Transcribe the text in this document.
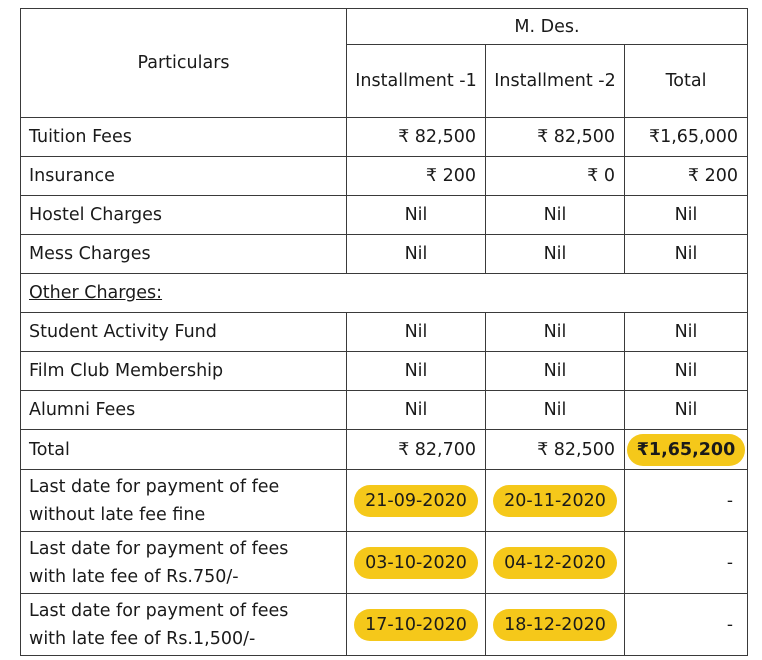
Particulars	M. Des.		
	Installment -1	Installment -2	Total
Tuition Fees	₹ 82,500	₹ 82,500	₹1,65,000
Insurance	₹ 200	₹ 0	₹ 200
Hostel Charges	Nil	Nil	Nil
Mess Charges	Nil	Nil	Nil
Other Charges:			
Student Activity Fund	Nil	Nil	Nil
Film Club Membership	Nil	Nil	Nil
Alumni Fees	Nil	Nil	Nil
Total	₹ 82,700	₹ 82,500	₹1,65,200

Last date for payment of fee
without late fee fine	21-09-2020	20-11-2020	-

Last date for payment of fees
with late fee of Rs.750/-	03-10-2020	04-12-2020	-

Last date for payment of fees
with late fee of Rs.1,500/-	17-10-2020	18-12-2020	-
